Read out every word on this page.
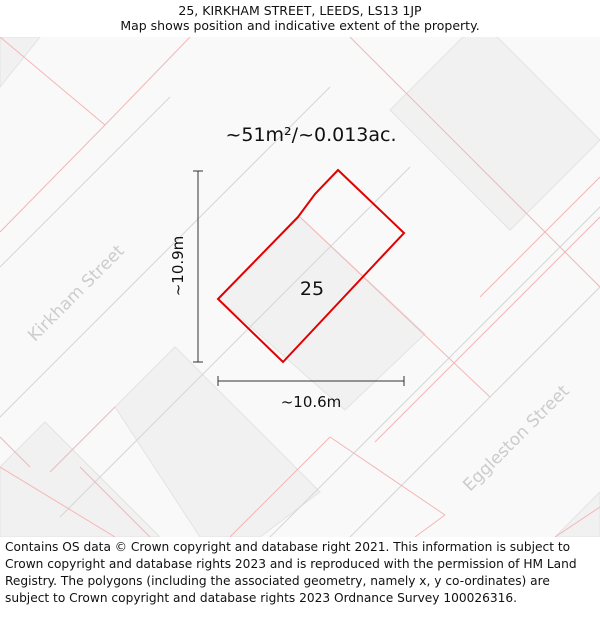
25, KIRKHAM STREET, LEEDS, LS13 1JP
Map shows position and indicative extent of the property.
Kirkham Street
Eggleston Street
~51m²/~0.013ac.
25
~10.9m
~10.6m
Contains OS data © Crown copyright and database right 2021. This information is subject to Crown copyright and database rights 2023 and is reproduced with the permission of HM Land Registry. The polygons (including the associated geometry, namely x, y co-ordinates) are subject to Crown copyright and database rights 2023 Ordnance Survey 100026316.
